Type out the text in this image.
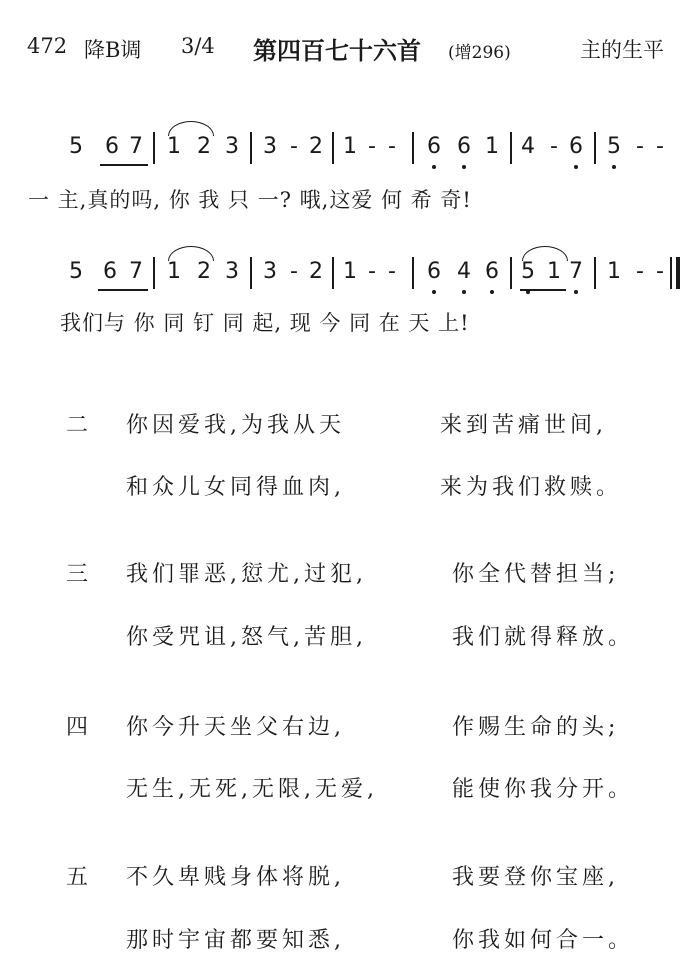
472 降B调 3/4 第四百七十六首 (增296)	主的生平
5 6 7 1 2 3 3 - 2 1 - - 6 6 1 4 - 6 5 - -
一 主,真的吗, 你 我 只 一? 哦,这爱 何 希 奇!
5 6 7 1 2 3 3 - 2 1 - - 6 4 6 5 1 7 1 - -
我们与 你 同 钉 同 起, 现 今 同 在 天 上!
二 你因爱我,为我从天	来到苦痛世间,
和众儿女同得血肉,	来为我们救赎。
三 我们罪恶,愆尤,过犯,	你全代替担当;
你受咒诅,怒气,苦胆,	我们就得释放。
四 你今升天坐父右边,	作赐生命的头;
无生,无死,无限,无爱,	能使你我分开。
五 不久卑贱身体将脱,	我要登你宝座,
那时宇宙都要知悉,	你我如何合一。
